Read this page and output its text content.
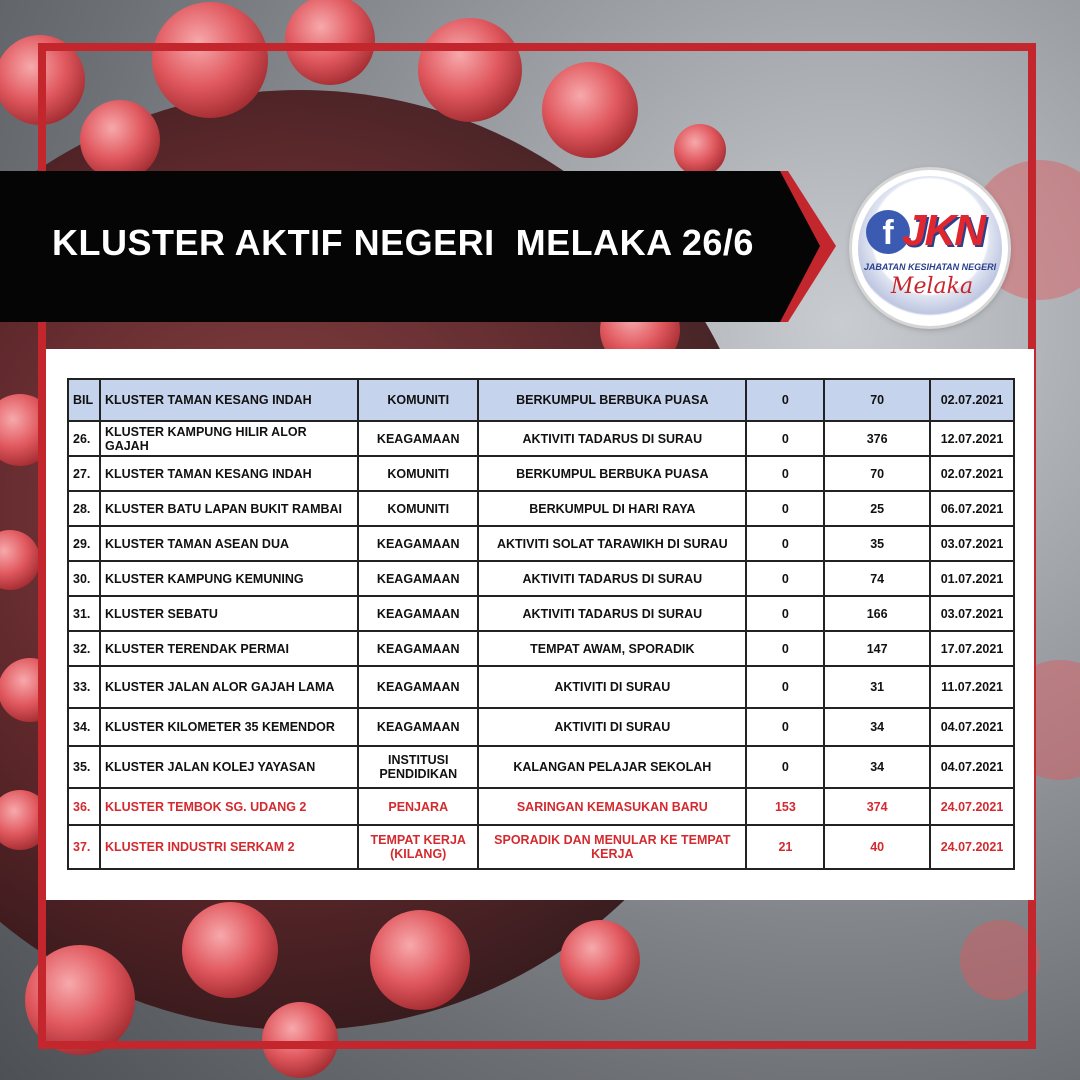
KLUSTER AKTIF NEGERI  MELAKA 26/6	f JKN
JABATAN KESIHATAN NEGERI
Melaka
BIL	KLUSTER TAMAN KESANG INDAH	KOMUNITI	BERKUMPUL BERBUKA PUASA	0	70	02.07.2021
26.	KLUSTER KAMPUNG HILIR ALOR GAJAH	KEAGAMAAN	AKTIVITI TADARUS DI SURAU	0	376	12.07.2021
27.	KLUSTER TAMAN KESANG INDAH	KOMUNITI	BERKUMPUL BERBUKA PUASA	0	70	02.07.2021
28.	KLUSTER BATU LAPAN BUKIT RAMBAI	KOMUNITI	BERKUMPUL DI HARI RAYA	0	25	06.07.2021
29.	KLUSTER TAMAN ASEAN DUA	KEAGAMAAN	AKTIVITI SOLAT TARAWIKH DI SURAU	0	35	03.07.2021
30.	KLUSTER KAMPUNG KEMUNING	KEAGAMAAN	AKTIVITI TADARUS DI SURAU	0	74	01.07.2021
31.	KLUSTER SEBATU	KEAGAMAAN	AKTIVITI TADARUS DI SURAU	0	166	03.07.2021
32.	KLUSTER TERENDAK PERMAI	KEAGAMAAN	TEMPAT AWAM, SPORADIK	0	147	17.07.2021
33.	KLUSTER JALAN ALOR GAJAH LAMA	KEAGAMAAN	AKTIVITI DI SURAU	0	31	11.07.2021
34.	KLUSTER KILOMETER 35 KEMENDOR	KEAGAMAAN	AKTIVITI DI SURAU	0	34	04.07.2021
35.	KLUSTER JALAN KOLEJ YAYASAN	INSTITUSI PENDIDIKAN	KALANGAN PELAJAR SEKOLAH	0	34	04.07.2021
36.	KLUSTER TEMBOK SG. UDANG 2	PENJARA	SARINGAN KEMASUKAN BARU	153	374	24.07.2021
37.	KLUSTER INDUSTRI SERKAM 2	TEMPAT KERJA (KILANG)	SPORADIK DAN MENULAR KE TEMPAT KERJA	21	40	24.07.2021
